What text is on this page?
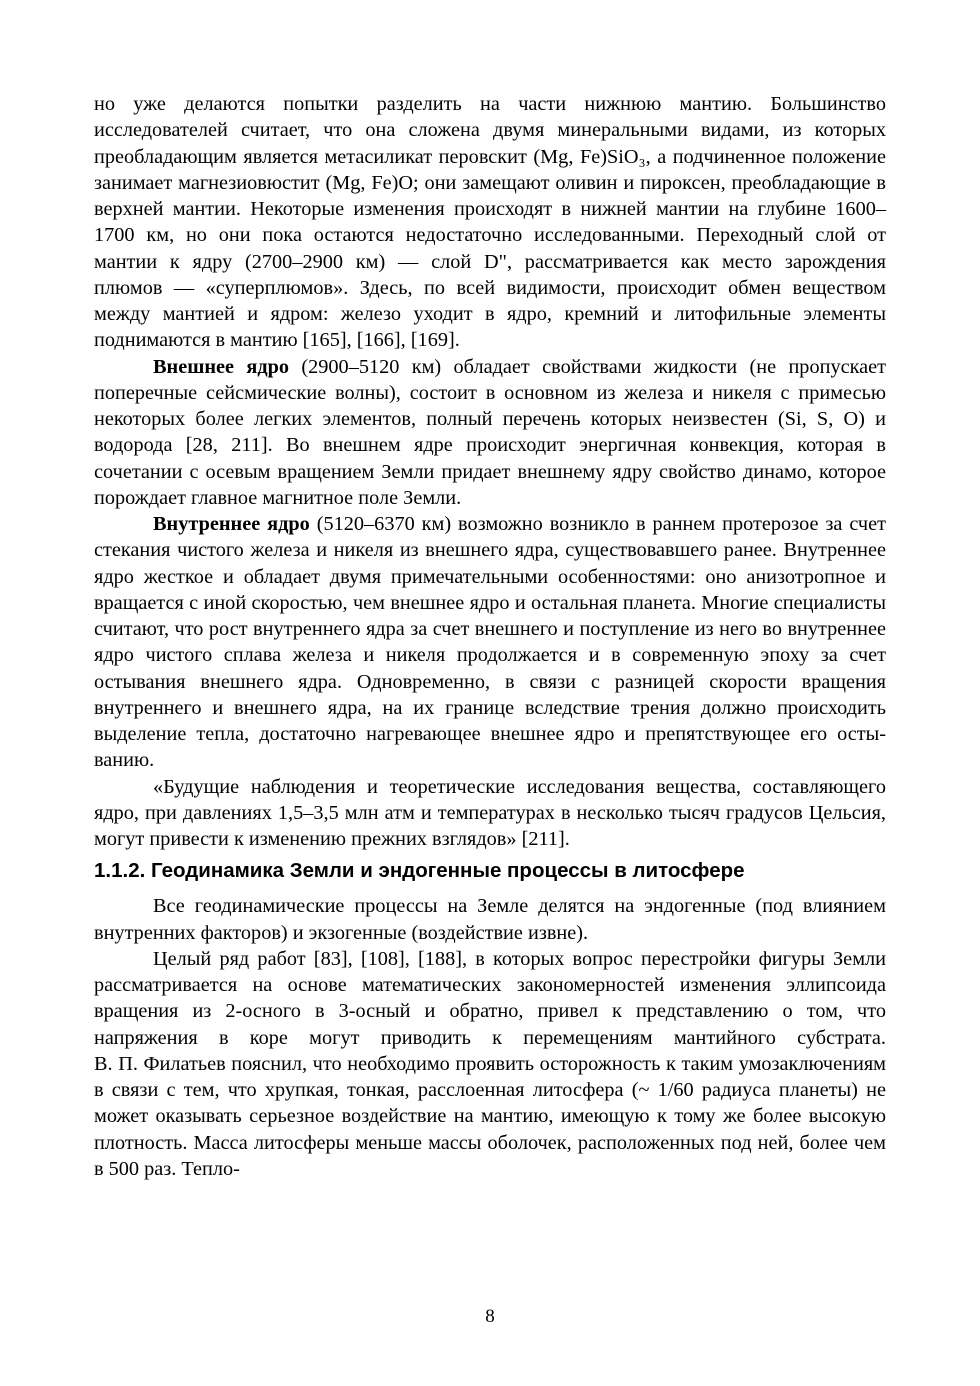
но уже делаются попытки разделить на части нижнюю мантию. Большинство исследователей считает, что она сложена двумя минеральными видами, из которых преобладающим является метасиликат перовскит (Mg, Fe)SiO₃, а подчиненное положение занимает магнезиовюстит (Mg, Fe)O; они замещают оливин и пироксен, преобладающие в верхней мантии. Некоторые изменения происходят в нижней мантии на глубине 1600–1700 км, но они пока остаются недостаточно исследованными. Переходный слой от мантии к ядру (2700–2900 км) — слой D", рассматривается как место зарождения плюмов — «суперплюмов». Здесь, по всей видимости, происходит обмен веществом между мантией и ядром: железо уходит в ядро, кремний и литофильные элементы поднимаются в мантию [165], [166], [169].

Внешнее ядро (2900–5120 км) обладает свойствами жидкости (не пропускает поперечные сейсмические волны), состоит в основном из железа и никеля с примесью некоторых более легких элементов, полный перечень которых неизвестен (Si, S, O) и водорода [28, 211]. Во внешнем ядре происходит энергичная конвекция, которая в сочетании с осевым вращением Земли придает внешнему ядру свойство динамо, которое порождает главное магнитное поле Земли.

Внутреннее ядро (5120–6370 км) возможно возникло в раннем протерозое за счет стекания чистого железа и никеля из внешнего ядра, существовавшего ранее. Внутреннее ядро жесткое и обладает двумя примечательными особенностями: оно анизотропное и вращается с иной скоростью, чем внешнее ядро и остальная планета. Многие специалисты считают, что рост внутреннего ядра за счет внешнего и поступление из него во внутреннее ядро чистого сплава железа и никеля продолжается и в современную эпоху за счет остывания внешнего ядра. Одновременно, в связи с разницей скорости вращения внутреннего и внешнего ядра, на их границе вследствие трения должно происходить выделение тепла, достаточно нагревающее внешнее ядро и препятствующее его остыванию.

«Будущие наблюдения и теоретические исследования вещества, составляющего ядро, при давлениях 1,5–3,5 млн атм и температурах в несколько тысяч градусов Цельсия, могут привести к изменению прежних взглядов» [211].

1.1.2. Геодинамика Земли и эндогенные процессы в литосфере

Все геодинамические процессы на Земле делятся на эндогенные (под влиянием внутренних факторов) и экзогенные (воздействие извне).

Целый ряд работ [83], [108], [188], в которых вопрос перестройки фигуры Земли рассматривается на основе математических закономерностей изменения эллипсоида вращения из 2-осного в 3-осный и обратно, привел к представлению о том, что напряжения в коре могут приводить к перемещениям мантийного субстрата. В. П. Филатьев пояснил, что необходимо проявить осторожность к таким умозаключениям в связи с тем, что хрупкая, тонкая, расслоенная литосфера (~ 1/60 радиуса планеты) не может оказывать серьезное воздействие на мантию, имеющую к тому же более высокую плотность. Масса литосферы меньше массы оболочек, расположенных под ней, более чем в 500 раз. Тепло-

8
